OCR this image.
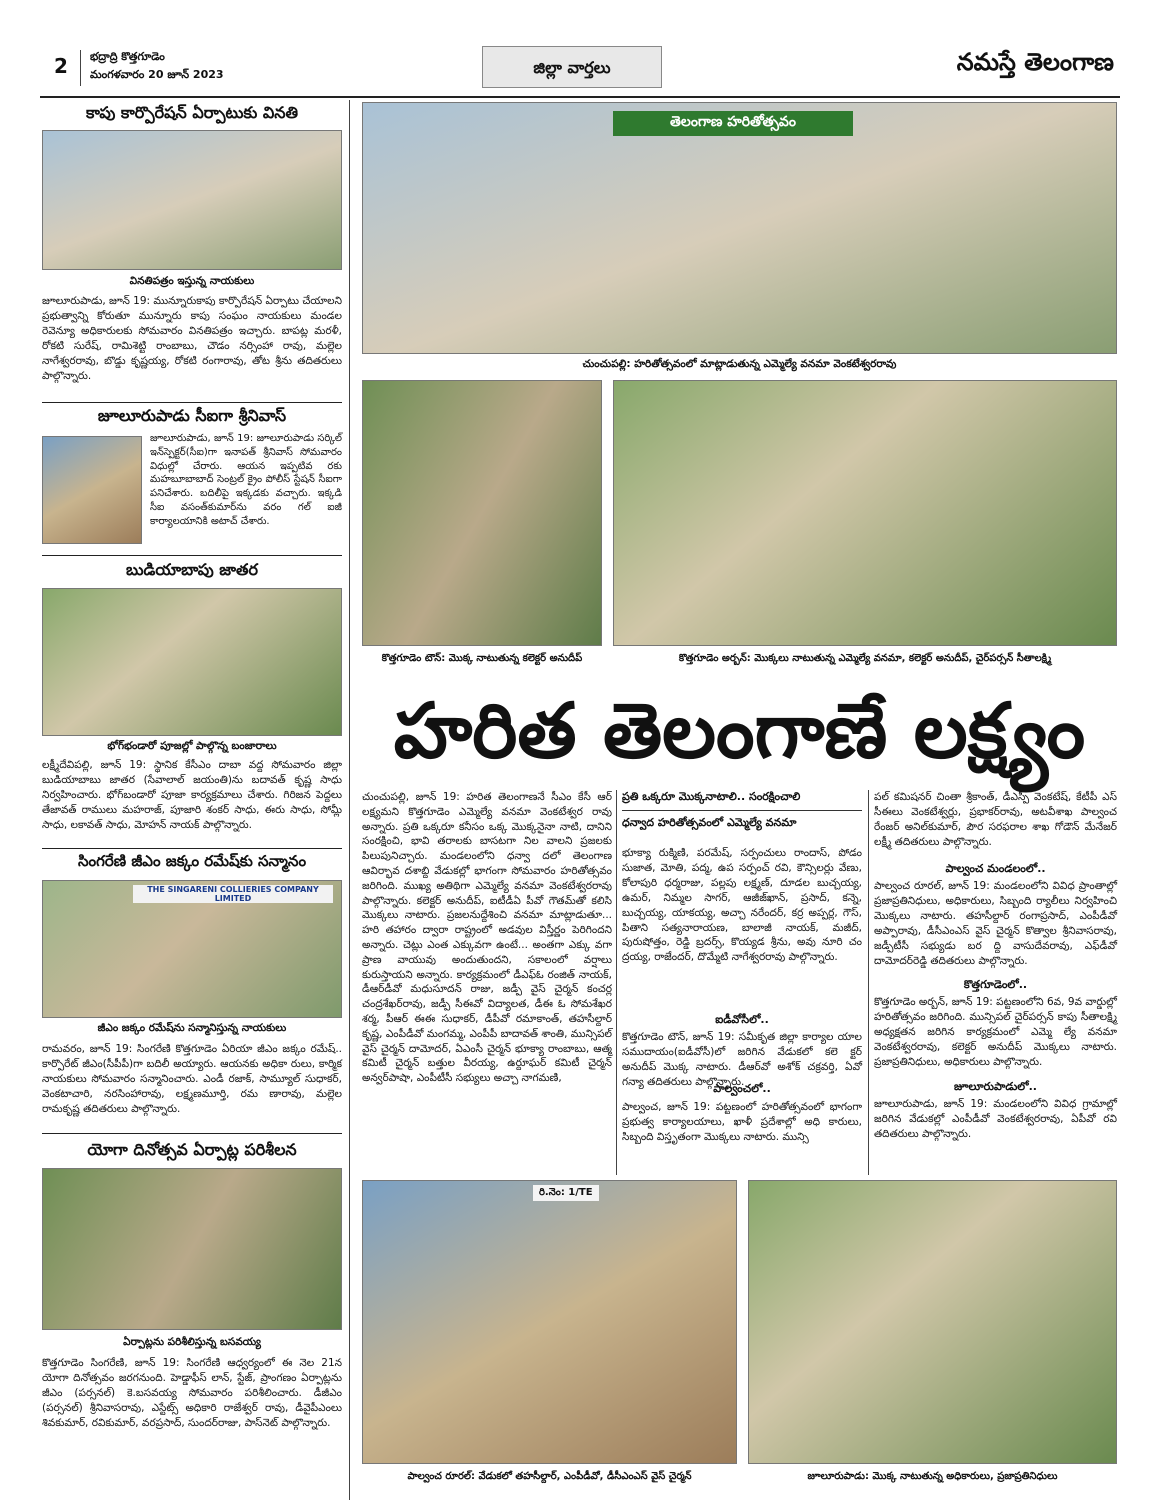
2 భద్రాద్రి కొత్తగూడెం
మంగళవారం 20 జూన్ 2023	జిల్లా వార్తలు	నమస్తే తెలంగాణ
కాపు కార్పొరేషన్ ఏర్పాటుకు వినతి
వినతిపత్రం ఇస్తున్న నాయకులు
జూలూరుపాడు, జూన్ 19: మున్నూరుకాపు కార్పొరేషన్ ఏర్పాటు చేయాలని ప్రభుత్వాన్ని కోరుతూ మున్నూరు కాపు సంఘం నాయకులు మండల రెవెన్యూ అధికారులకు సోమవారం వినతిపత్రం ఇచ్చారు. బాపట్ల మరళీ, రోకటి సురేష్, రామిశెట్టి రాంబాబు, చౌడం నర్సింహా రావు, మల్లెల నాగేశ్వరరావు, బొడ్డు కృష్ణయ్య, రోకటి రంగారావు, తోట శ్రీను తదితరులు పాల్గొన్నారు.
జూలూరుపాడు సీఐగా శ్రీనివాస్
జూలూరుపాడు, జూన్ 19: జూలూరుపాడు సర్కిల్ ఇన్‌స్పెక్టర్(సీఐ)గా ఇనాపత్ శ్రీనివాస్ సోమవారం విధుల్లో చేరారు. ఆయన ఇప్పటివ రకు మహబూబాబాద్ సెంట్రల్ క్రైం పోలీస్ స్టేషన్ సీఐగా పనిచేశారు. బదిలీపై ఇక్కడకు వచ్చారు. ఇక్కడి సీఐ వసంత్‌కుమార్‌ను వరం గల్ ఐజీ కార్యాలయానికి అటాచ్ చేశారు.
బుడియాబాపు జాతర
భోగ్‌భండారో పూజల్లో పాల్గొన్న బంజారాలు
లక్ష్మీదేవిపల్లి, జూన్ 19: స్థానిక కేసీఎం దాబా వద్ద సోమవారం జిల్లా బుడియాబాబు జాతర (సేవాలాల్ జయంతి)ను బదావత్ కృష్ణ సాధు నిర్వహించారు. భోగ్‌బండారో పూజా కార్యక్రమాలు చేశారు. గిరిజన పెద్దలు తేజావత్ రాములు మహరాజ్, పూజారి శంకర్ సాధు, ఈరు సాధు, సోమ్లీ సాధు, లకావత్ సాధు, మోహన్ నాయక్ పాల్గొన్నారు.
సింగరేణి జీఎం జక్కం రమేష్‌కు సన్మానం
THE SINGARENI COLLIERIES COMPANY LIMITED
జీఎం జక్కం రమేష్‌ను సన్మానిస్తున్న నాయకులు
రామవరం, జూన్ 19: సింగరేణి కొత్తగూడెం ఏరియా జీఎం జక్కం రమేష్.. కార్పొరేట్ జీఎం(సీపీపీ)గా బదిలీ అయ్యారు. ఆయనకు అధికా రులు, కార్మిక నాయకులు సోమవారం సన్మానించారు. ఎండీ రజాక్, సామ్యూల్ సుధాకర్, వెంకటాచారి, నరసింహారావు, లక్ష్మణమూర్తి, రమ ణారావు, మల్లెల రామకృష్ణ తదితరులు పాల్గొన్నారు.
యోగా దినోత్సవ ఏర్పాట్ల పరిశీలన
ఏర్పాట్లను పరిశీలిస్తున్న బసవయ్య
కొత్తగూడెం సింగరేణి, జూన్ 19: సింగరేణి ఆధ్వర్యంలో ఈ నెల 21న యోగా దినోత్సవం జరగనుంది. హెడ్డాఫీస్ లాన్, స్టేజ్, ప్రాంగణం ఏర్పాట్లను జీఎం (పర్సనల్) కె.బసవయ్య సోమవారం పరిశీలించారు. డీజీఎం (పర్సనల్) శ్రీనివాసరావు, ఎస్టేట్స్ అధికారి రాజేశ్వర్ రావు, డీవైపీఎంలు శివకుమార్, రవికుమార్, వరప్రసాద్, సుందర్‌రాజు, పాస్‌నెట్ పాల్గొన్నారు.
తెలంగాణ హరితోత్సవం
చుంచుపల్లి: హరితోత్సవంలో మాట్లాడుతున్న ఎమ్మెల్యే వనమా వెంకటేశ్వరరావు
కొత్తగూడెం టౌన్: మొక్క నాటుతున్న కలెక్టర్ అనుదీప్	కొత్తగూడెం అర్బన్: మొక్కలు నాటుతున్న ఎమ్మెల్యే వనమా, కలెక్టర్ అనుదీప్, చైర్‌పర్సన్ సీతాలక్ష్మి
హరిత తెలంగాణే లక్ష్యం
చుంచుపల్లి, జూన్ 19: హరిత తెలంగాణనే సీఎం కేసీ ఆర్ లక్ష్యమని కొత్తగూడెం ఎమ్మెల్యే వనమా వెంకటేశ్వర రావు అన్నారు. ప్రతి ఒక్కరూ కనీసం ఒక్క మొక్కనైనా నాటి, దానిని సంరక్షించి, భావి తరాలకు బాసటగా నిల వాలని ప్రజలకు పిలుపునిచ్చారు. మండలంలోని ధన్వా దలో తెలంగాణ ఆవిర్భావ దశాబ్ది వేడుకల్లో భాగంగా సోమవారం హరితోత్సవం జరిగింది. ముఖ్య అతిథిగా ఎమ్మెల్యే వనమా వెంకటేశ్వరరావు పాల్గొన్నారు. కలెక్టర్ అనుదీప్, ఐటీడీఏ పీవో గౌతమ్‌తో కలిసి మొక్కలు నాటారు. ప్రజలనుద్దేశించి వనమా మాట్లాడుతూ... హరి తహారం ద్వారా రాష్ట్రంలో అడవుల విస్తీర్ణం పెరిగిందని అన్నారు. చెట్లు ఎంత ఎక్కువగా ఉంటే... అంతగా ఎక్కు వగా ప్రాణ వాయువు అందుతుందని, సకాలంలో వర్షాలు కురుస్తాయని అన్నారు. కార్యక్రమంలో డీఎఫ్‌ఓ రంజిత్ నాయక్, డీఆర్‌డీవో మధుసూదన్ రాజు, జడ్పీ వైస్ చైర్మన్ కంచర్ల చంద్రశేఖర్‌రావు, జడ్పీ సీఈవో విద్యాలత, డీఈ ఓ సోమశేఖర శర్మ, పీఆర్ ఈఈ సుధాకర్, డీపీవో రమాకాంత్, తహసీల్దార్ కృష్ణ, ఎంపీడీవో మంగమ్మ, ఎంపీపీ బాదావత్ శాంతి, మున్సిపల్ వైస్ చైర్మన్ దామోదర్, ఏఎంసీ చైర్మన్ భూక్యా రాంబాబు, ఆత్మ కమిటీ చైర్మన్ బత్తుల వీరయ్య, ఉర్దూఘర్ కమిటీ చైర్మన్ అన్వర్‌పాషా, ఎంపీటీసీ సభ్యులు అచ్చా నాగమణి,
ప్రతి ఒక్కరూ మొక్కనాటాలి.. సంరక్షించాలి
ధన్వాద హరితోత్సవంలో ఎమ్మెల్యే వనమా
భూక్యా రుక్మిణి, పరమేష్, సర్పంచులు రాందాస్, పోడం సుజాత, మోతి, పద్మ, ఉప సర్పంచ్ రవి, కౌన్సిలర్లు వేణు, కోలాపురి ధర్మరాజు, పల్లపు లక్ష్మణ్, దూడల బుచ్చయ్య, ఉమర్, నిమ్మల సాగర్, ఆజీజ్‌ఖాన్, ప్రసాద్, కన్నె, బుచ్చయ్య, యాకయ్య, అచ్చా నరేందర్, కర్ర అప్పర్ల, గౌస్, పితాని సత్యనారాయణ, బాలాజీ నాయక్, మజీద్, పురుషోత్తం, రెడ్డి బ్రదర్స్, కొయ్యడ శ్రీను, అవు నూరి చం ద్రయ్య, రాజేందర్, దొమ్మేటి నాగేశ్వరరావు పాల్గొన్నారు.
ఐడీవోసీలో..
కొత్తగూడెం టౌన్, జూన్ 19: సమీకృత జిల్లా కార్యాల యాల సముదాయం(ఐడీవోసీ)లో జరిగిన వేడుకలో కలె క్టర్ అనుదీప్ మొక్క నాటారు. డీఆర్‌వో అశోక్ చక్రవర్తి, ఏవో గన్యా తదితరులు పాల్గొన్నారు.
పాల్వంచలో..
పాల్వంచ, జూన్ 19: పట్టణంలో హరితోత్సవంలో భాగంగా ప్రభుత్వ కార్యాలయాలు, ఖాళీ ప్రదేశాల్లో అధి కారులు, సిబ్బంది విస్తృతంగా మొక్కలు నాటారు. మున్సి
పల్ కమిషనర్ చింతా శ్రీకాంత్, డీఎస్పీ వెంకటేష్, కేటీపీ ఎస్ సీఈలు వెంకటేశ్వర్లు, ప్రభాకర్‌రావు, అటవీశాఖ పాల్వంచ రేంజర్ అనిల్‌కుమార్, పౌర సరఫరాల శాఖ గోడౌన్ మేనేజర్ లక్ష్మీ తదితరులు పాల్గొన్నారు.
పాల్వంచ మండలంలో..
పాల్వంచ రూరల్, జూన్ 19: మండలంలోని వివిధ ప్రాంతాల్లో ప్రజాప్రతినిధులు, అధికారులు, సిబ్బంది ర్యాలీలు నిర్వహించి మొక్కలు నాటారు. తహసీల్దార్ రంగాప్రసాద్, ఎంపీడీవో అప్పారావు, డీసీఎంఎస్ వైస్ చైర్మన్ కొత్వాల శ్రీనివాసరావు, జడ్పీటీసీ సభ్యుడు బర ద్ది వాసుదేవరావు, ఎఫ్‌డీవో దామోదర్‌రెడ్డి తదితరులు పాల్గొన్నారు.
కొత్తగూడెంలో..
కొత్తగూడెం అర్బన్, జూన్ 19: పట్టణంలోని 6వ, 9వ వార్డుల్లో హరితోత్సవం జరిగింది. మున్సిపల్ చైర్‌పర్సన్ కాపు సీతాలక్ష్మి అధ్యక్షతన జరిగిన కార్యక్రమంలో ఎమ్మె ల్యే వనమా వెంకటేశ్వరరావు, కలెక్టర్ అనుదీప్ మొక్కలు నాటారు. ప్రజాప్రతినిధులు, అధికారులు పాల్గొన్నారు.
జూలూరుపాడులో..
జూలూరుపాడు, జూన్ 19: మండలంలోని వివిధ గ్రామాల్లో జరిగిన వేడుకల్లో ఎంపీడీవో వెంకటేశ్వరరావు, ఏపీవో రవి తదితరులు పాల్గొన్నారు.
రి.నెం: 1/TE
పాల్వంచ రూరల్: వేడుకలో తహసీల్దార్, ఎంపీడీవో, డీసీఎంఎస్ వైస్ చైర్మన్	జూలూరుపాడు: మొక్క నాటుతున్న అధికారులు, ప్రజాప్రతినిధులు
